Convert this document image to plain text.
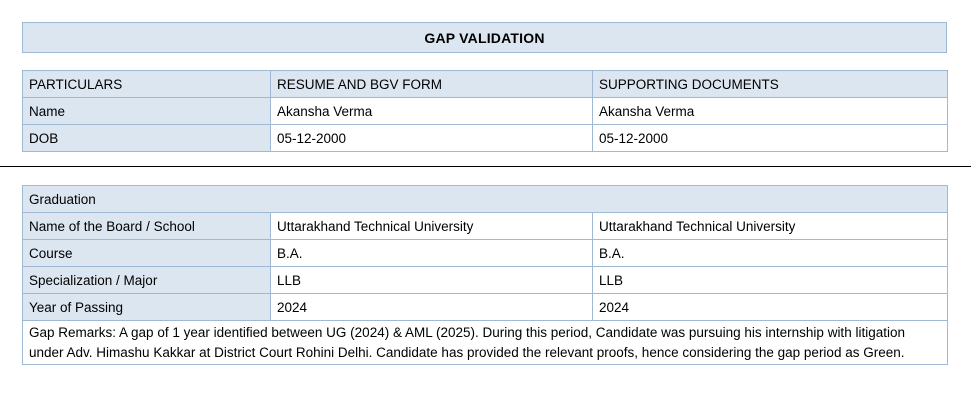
GAP VALIDATION
PARTICULARS	RESUME AND BGV FORM	SUPPORTING DOCUMENTS
Name	Akansha Verma	Akansha Verma
DOB	05-12-2000	05-12-2000
Graduation		
Name of the Board / School	Uttarakhand Technical University	Uttarakhand Technical University
Course	B.A.	B.A.
Specialization / Major	LLB	LLB
Year of Passing	2024	2024
Gap Remarks: A gap of 1 year identified between UG (2024) & AML (2025). During this period, Candidate was pursuing his internship with litigation under Adv. Himashu Kakkar at District Court Rohini Delhi. Candidate has provided the relevant proofs, hence considering the gap period as Green.		
